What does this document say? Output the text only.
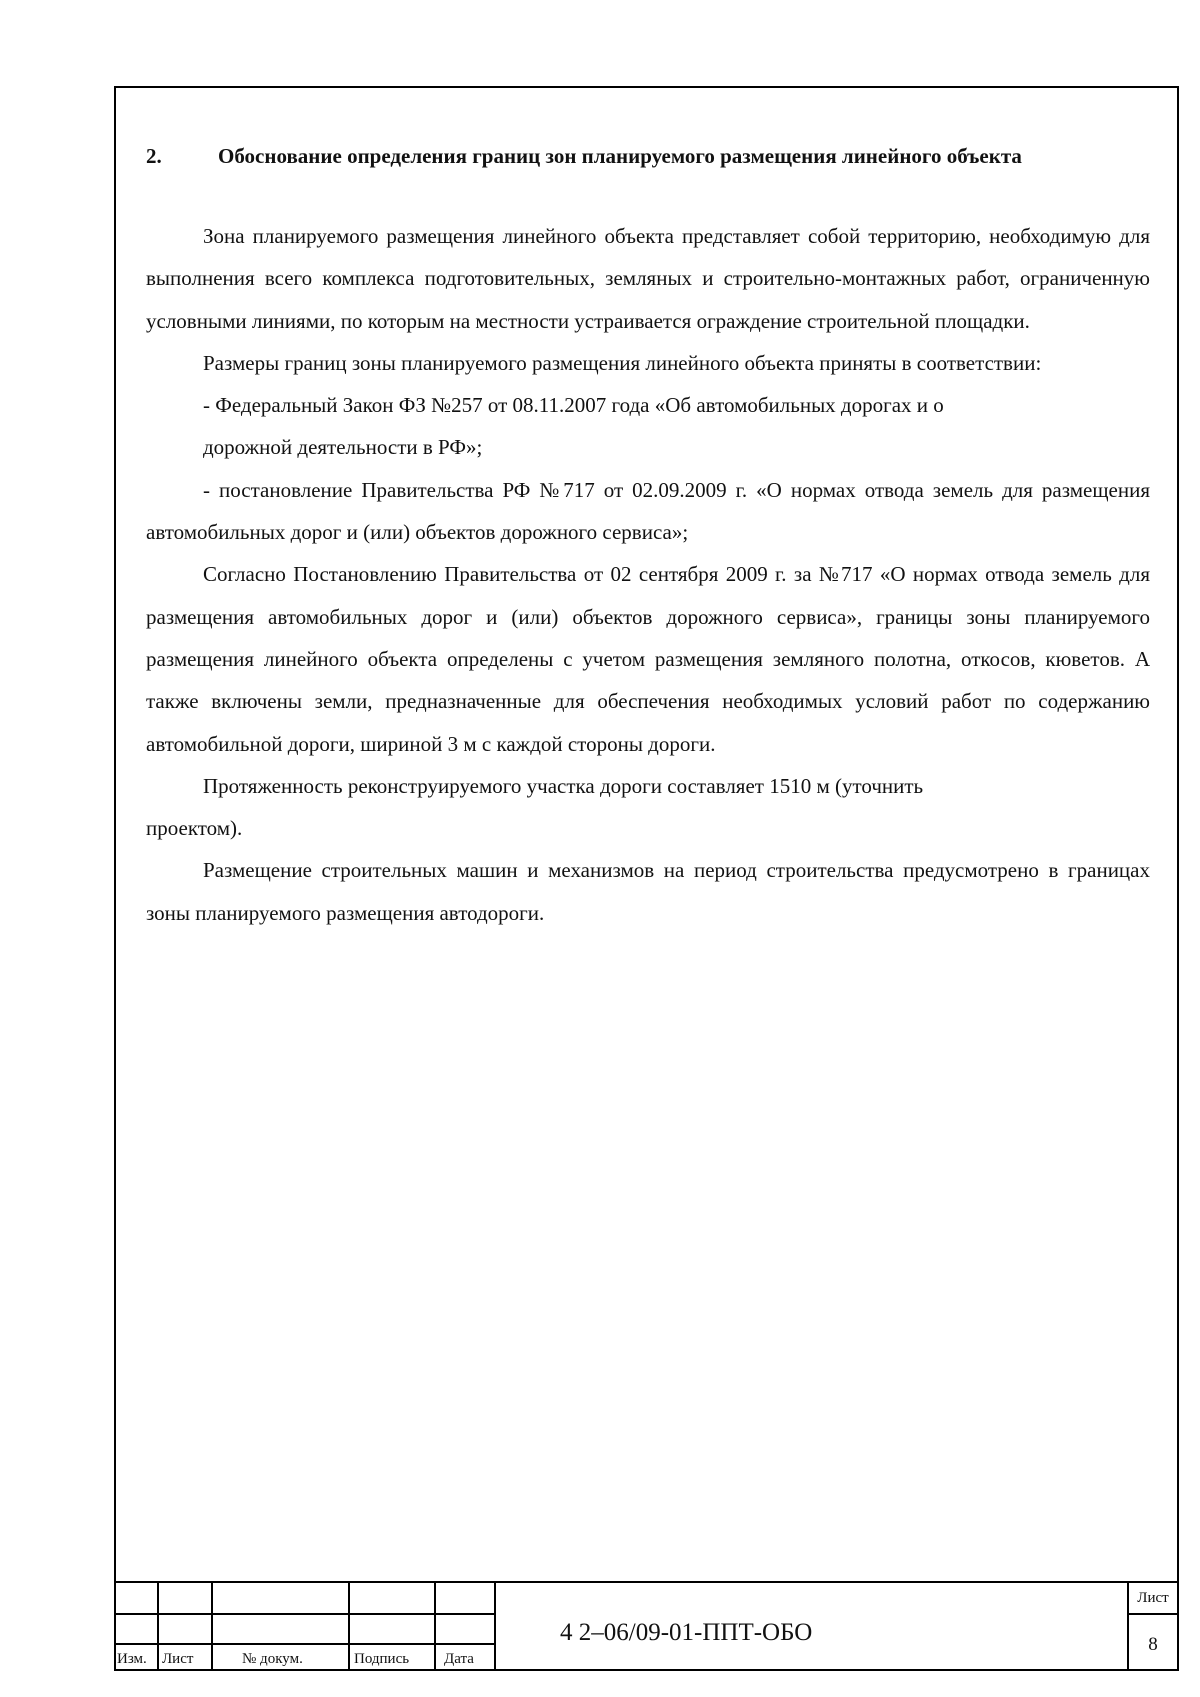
2.	Обоснование определения границ зон планируемого размещения линейного объекта

Зона планируемого размещения линейного объекта представляет собой территорию, необходимую для выполнения всего комплекса подготовительных, земляных и строительно-монтажных работ, ограниченную условными линиями, по которым на местности устраивается ограждение строительной площадки.

Размеры границ зоны планируемого размещения линейного объекта приняты в соответствии:

- Федеральный Закон ФЗ №257 от 08.11.2007 года «Об автомобильных дорогах и о

дорожной деятельности в РФ»;

- постановление Правительства РФ №717 от 02.09.2009 г. «О нормах отвода земель для размещения автомобильных дорог и (или) объектов дорожного сервиса»;

Согласно Постановлению Правительства от 02 сентября 2009 г. за №717 «О нормах отвода земель для размещения автомобильных дорог и (или) объектов дорожного сервиса», границы зоны планируемого размещения линейного объекта определены с учетом размещения земляного полотна, откосов, кюветов. А также включены земли, предназначенные для обеспечения необходимых условий работ по содержанию автомобильной дороги, шириной 3 м с каждой стороны дороги.

Протяженность реконструируемого участка дороги составляет 1510 м (уточнить

проектом).

Размещение строительных машин и механизмов на период строительства предусмотрено в границах зоны планируемого размещения автодороги.

Изм. Лист	№ докум.	Подпись Дата
4 2–06/09-01-ППТ-ОБО
Лист
8
